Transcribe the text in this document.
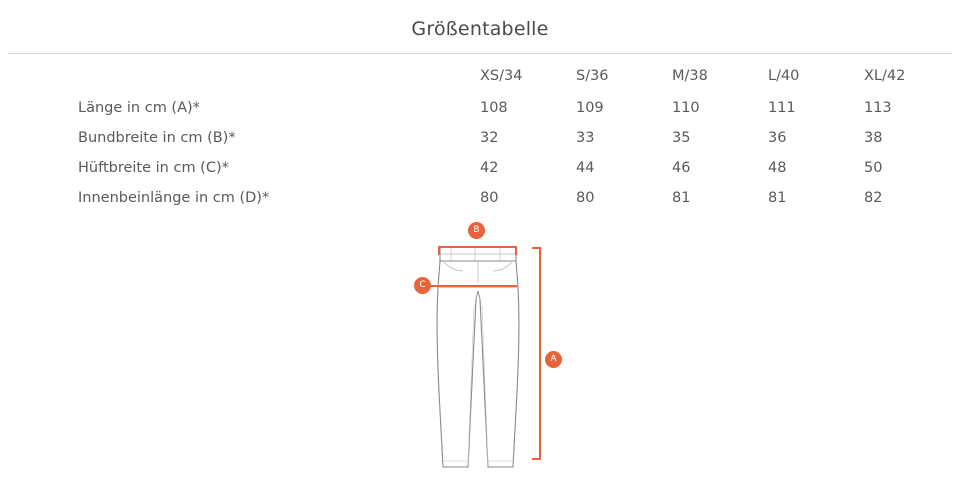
Größentabelle
	XS/34	S/36	M/38	L/40	XL/42
Länge in cm (A)*	108	109	110	111	113
Bundbreite in cm (B)*	32	33	35	36	38
Hüftbreite in cm (C)*	42	44	46	48	50
Innenbeinlänge in cm (D)*	80	80	81	81	82
B
C
A
